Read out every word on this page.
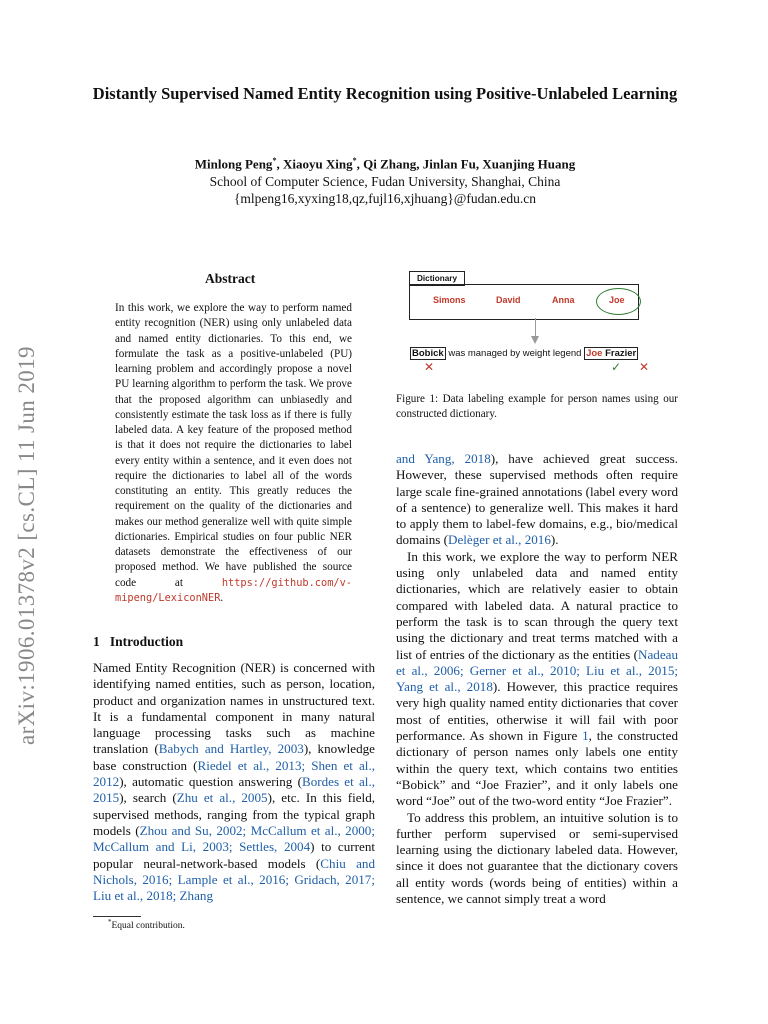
Distantly Supervised Named Entity Recognition using Positive-Unlabeled Learning
Minlong Peng*, Xiaoyu Xing*, Qi Zhang, Jinlan Fu, Xuanjing Huang
School of Computer Science, Fudan University, Shanghai, China
{mlpeng16,xyxing18,qz,fujl16,xjhuang}@fudan.edu.cn
arXiv:1906.01378v2 [cs.CL] 11 Jun 2019
Abstract
In this work, we explore the way to perform named entity recognition (NER) using only unlabeled data and named entity dictionaries. To this end, we formulate the task as a positive-unlabeled (PU) learning problem and accordingly propose a novel PU learning algorithm to perform the task. We prove that the proposed algorithm can unbiasedly and consistently estimate the task loss as if there is fully labeled data. A key feature of the proposed method is that it does not require the dictionaries to label every entity within a sentence, and it even does not require the dictionaries to label all of the words constituting an entity. This greatly reduces the requirement on the quality of the dictionaries and makes our method generalize well with quite simple dictionaries. Empirical studies on four public NER datasets demonstrate the effectiveness of our proposed method. We have published the source code at	https://github.com/v-mipeng/LexiconNER.
1 Introduction
Named Entity Recognition (NER) is concerned with identifying named entities, such as person, location, product and organization names in unstructured text. It is a fundamental component in many natural language processing tasks such as machine translation (Babych and Hartley, 2003), knowledge base construction (Riedel et al., 2013; Shen et al., 2012), automatic question answering (Bordes et al., 2015), search (Zhu et al., 2005), etc. In this field, supervised methods, ranging from the typical graph models (Zhou and Su, 2002; McCallum et al., 2000; McCallum and Li, 2003; Settles, 2004) to current popular neural-network-based models (Chiu and Nichols, 2016; Lample et al., 2016; Gridach, 2017; Liu et al., 2018; Zhang
*Equal contribution.
Dictionary
Simons	David	Anna	Joe
Bobick was managed by weight legend Joe Frazier
✕	✓ ✕
Figure 1: Data labeling example for person names using our constructed dictionary.

and Yang, 2018), have achieved great success. However, these supervised methods often require large scale fine-grained annotations (label every word of a sentence) to generalize well. This makes it hard to apply them to label-few domains, e.g., bio/medical domains (Delèger et al., 2016).

In this work, we explore the way to perform NER using only unlabeled data and named entity dictionaries, which are relatively easier to obtain compared with labeled data. A natural practice to perform the task is to scan through the query text using the dictionary and treat terms matched with a list of entries of the dictionary as the entities (Nadeau et al., 2006; Gerner et al., 2010; Liu et al., 2015; Yang et al., 2018). However, this practice requires very high quality named entity dictionaries that cover most of entities, otherwise it will fail with poor performance. As shown in Figure 1, the constructed dictionary of person names only labels one entity within the query text, which contains two entities “Bobick” and “Joe Frazier”, and it only labels one word “Joe” out of the two-word entity “Joe Frazier”.

To address this problem, an intuitive solution is to further perform supervised or semi-supervised learning using the dictionary labeled data. However, since it does not guarantee that the dictionary covers all entity words (words being of entities) within a sentence, we cannot simply treat a word
